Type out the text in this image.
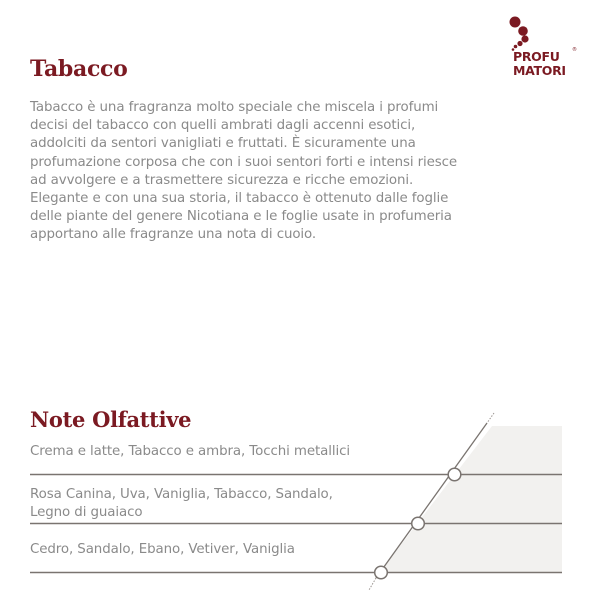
PROFU
MATORI
®
Tabacco

Tabacco è una fragranza molto speciale che miscela i profumi decisi del tabacco con quelli ambrati dagli accenni esotici, addolciti da sentori vanigliati e fruttati. È sicuramente una profumazione corposa che con i suoi sentori forti e intensi riesce ad avvolgere e a trasmettere sicurezza e ricche emozioni. Elegante e con una sua storia, il tabacco è ottenuto dalle foglie delle piante del genere Nicotiana e le foglie usate in profumeria apportano alle fragranze una nota di cuoio.

Note Olfattive
Crema e latte, Tabacco e ambra, Tocchi metallici
Rosa Canina, Uva, Vaniglia, Tabacco, Sandalo, Legno di guaiaco
Cedro, Sandalo, Ebano, Vetiver, Vaniglia
